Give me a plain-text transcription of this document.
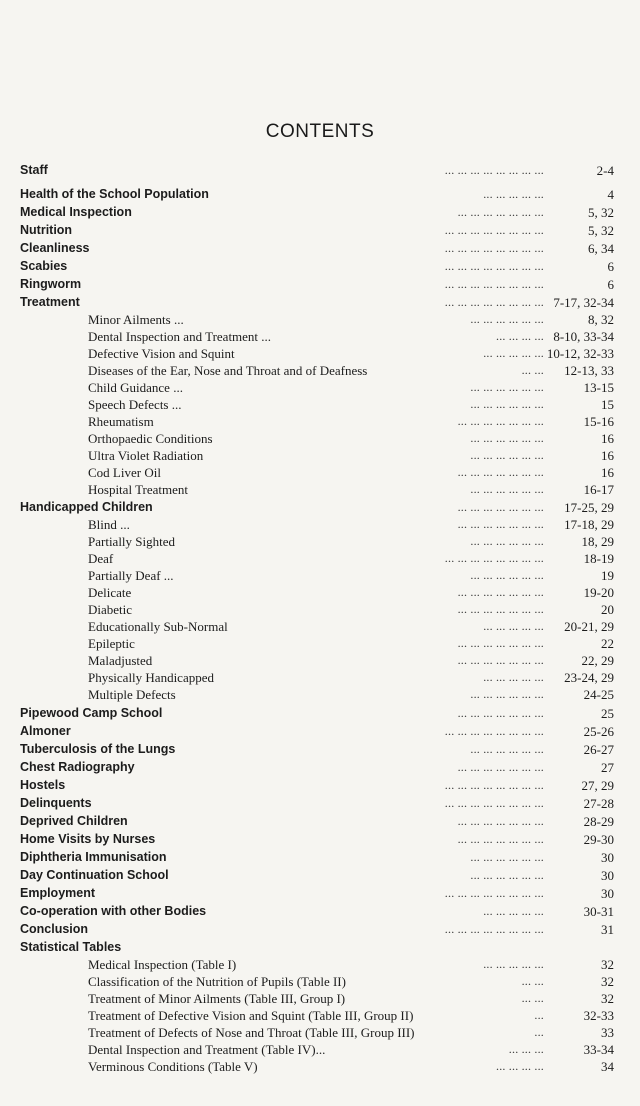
CONTENTS
Staff	... ... ... ... ... ... ... ...	2-4
Health of the School Population	... ... ... ... ...	4
Medical Inspection	... ... ... ... ... ... ...	5, 32
Nutrition	... ... ... ... ... ... ... ...	5, 32
Cleanliness	... ... ... ... ... ... ... ...	6, 34
Scabies	... ... ... ... ... ... ... ...	6
Ringworm	... ... ... ... ... ... ... ...	6
Treatment	... ... ... ... ... ... ... ... 7-17, 32-34
Minor Ailments ...	... ... ... ... ... ...	8, 32
Dental Inspection and Treatment ...	... ... ... ... 8-10, 33-34
Defective Vision and Squint	... ... ... ... ... 10-12, 32-33
Diseases of the Ear, Nose and Throat and of Deafness	... ... 12-13, 33
Child Guidance ...	... ... ... ... ... ...	13-15
Speech Defects ...	... ... ... ... ... ...	15
Rheumatism	... ... ... ... ... ... ...	15-16
Orthopaedic Conditions	... ... ... ... ... ...	16
Ultra Violet Radiation	... ... ... ... ... ...	16
Cod Liver Oil	... ... ... ... ... ... ...	16
Hospital Treatment	... ... ... ... ... ...	16-17
Handicapped Children	... ... ... ... ... ... ... 17-25, 29
Blind ...	... ... ... ... ... ... ... 17-18, 29
Partially Sighted	... ... ... ... ... ...	18, 29
Deaf	... ... ... ... ... ... ... ...	18-19
Partially Deaf ...	... ... ... ... ... ...	19
Delicate	... ... ... ... ... ... ...	19-20
Diabetic	... ... ... ... ... ... ...	20
Educationally Sub-Normal	... ... ... ... ... 20-21, 29
Epileptic	... ... ... ... ... ... ...	22
Maladjusted	... ... ... ... ... ... ...	22, 29
Physically Handicapped	... ... ... ... ... 23-24, 29
Multiple Defects	... ... ... ... ... ...	24-25
Pipewood Camp School	... ... ... ... ... ... ...	25
Almoner	... ... ... ... ... ... ... ...	25-26
Tuberculosis of the Lungs	... ... ... ... ... ...	26-27
Chest Radiography	... ... ... ... ... ... ...	27
Hostels	... ... ... ... ... ... ... ...	27, 29
Delinquents	... ... ... ... ... ... ... ...	27-28
Deprived Children	... ... ... ... ... ... ...	28-29
Home Visits by Nurses	... ... ... ... ... ... ...	29-30
Diphtheria Immunisation	... ... ... ... ... ...	30
Day Continuation School	... ... ... ... ... ...	30
Employment	... ... ... ... ... ... ... ...	30
Co-operation with other Bodies	... ... ... ... ...	30-31
Conclusion	... ... ... ... ... ... ... ...	31
Statistical Tables
Medical Inspection (Table I)	... ... ... ... ...	32
Classification of the Nutrition of Pupils (Table II)	... ...	32
Treatment of Minor Ailments (Table III, Group I)	... ...	32
Treatment of Defective Vision and Squint (Table III, Group II)	...	32-33
Treatment of Defects of Nose and Throat (Table III, Group III)	...	33
Dental Inspection and Treatment (Table IV)...	... ... ...	33-34
Verminous Conditions (Table V)	... ... ... ...	34
